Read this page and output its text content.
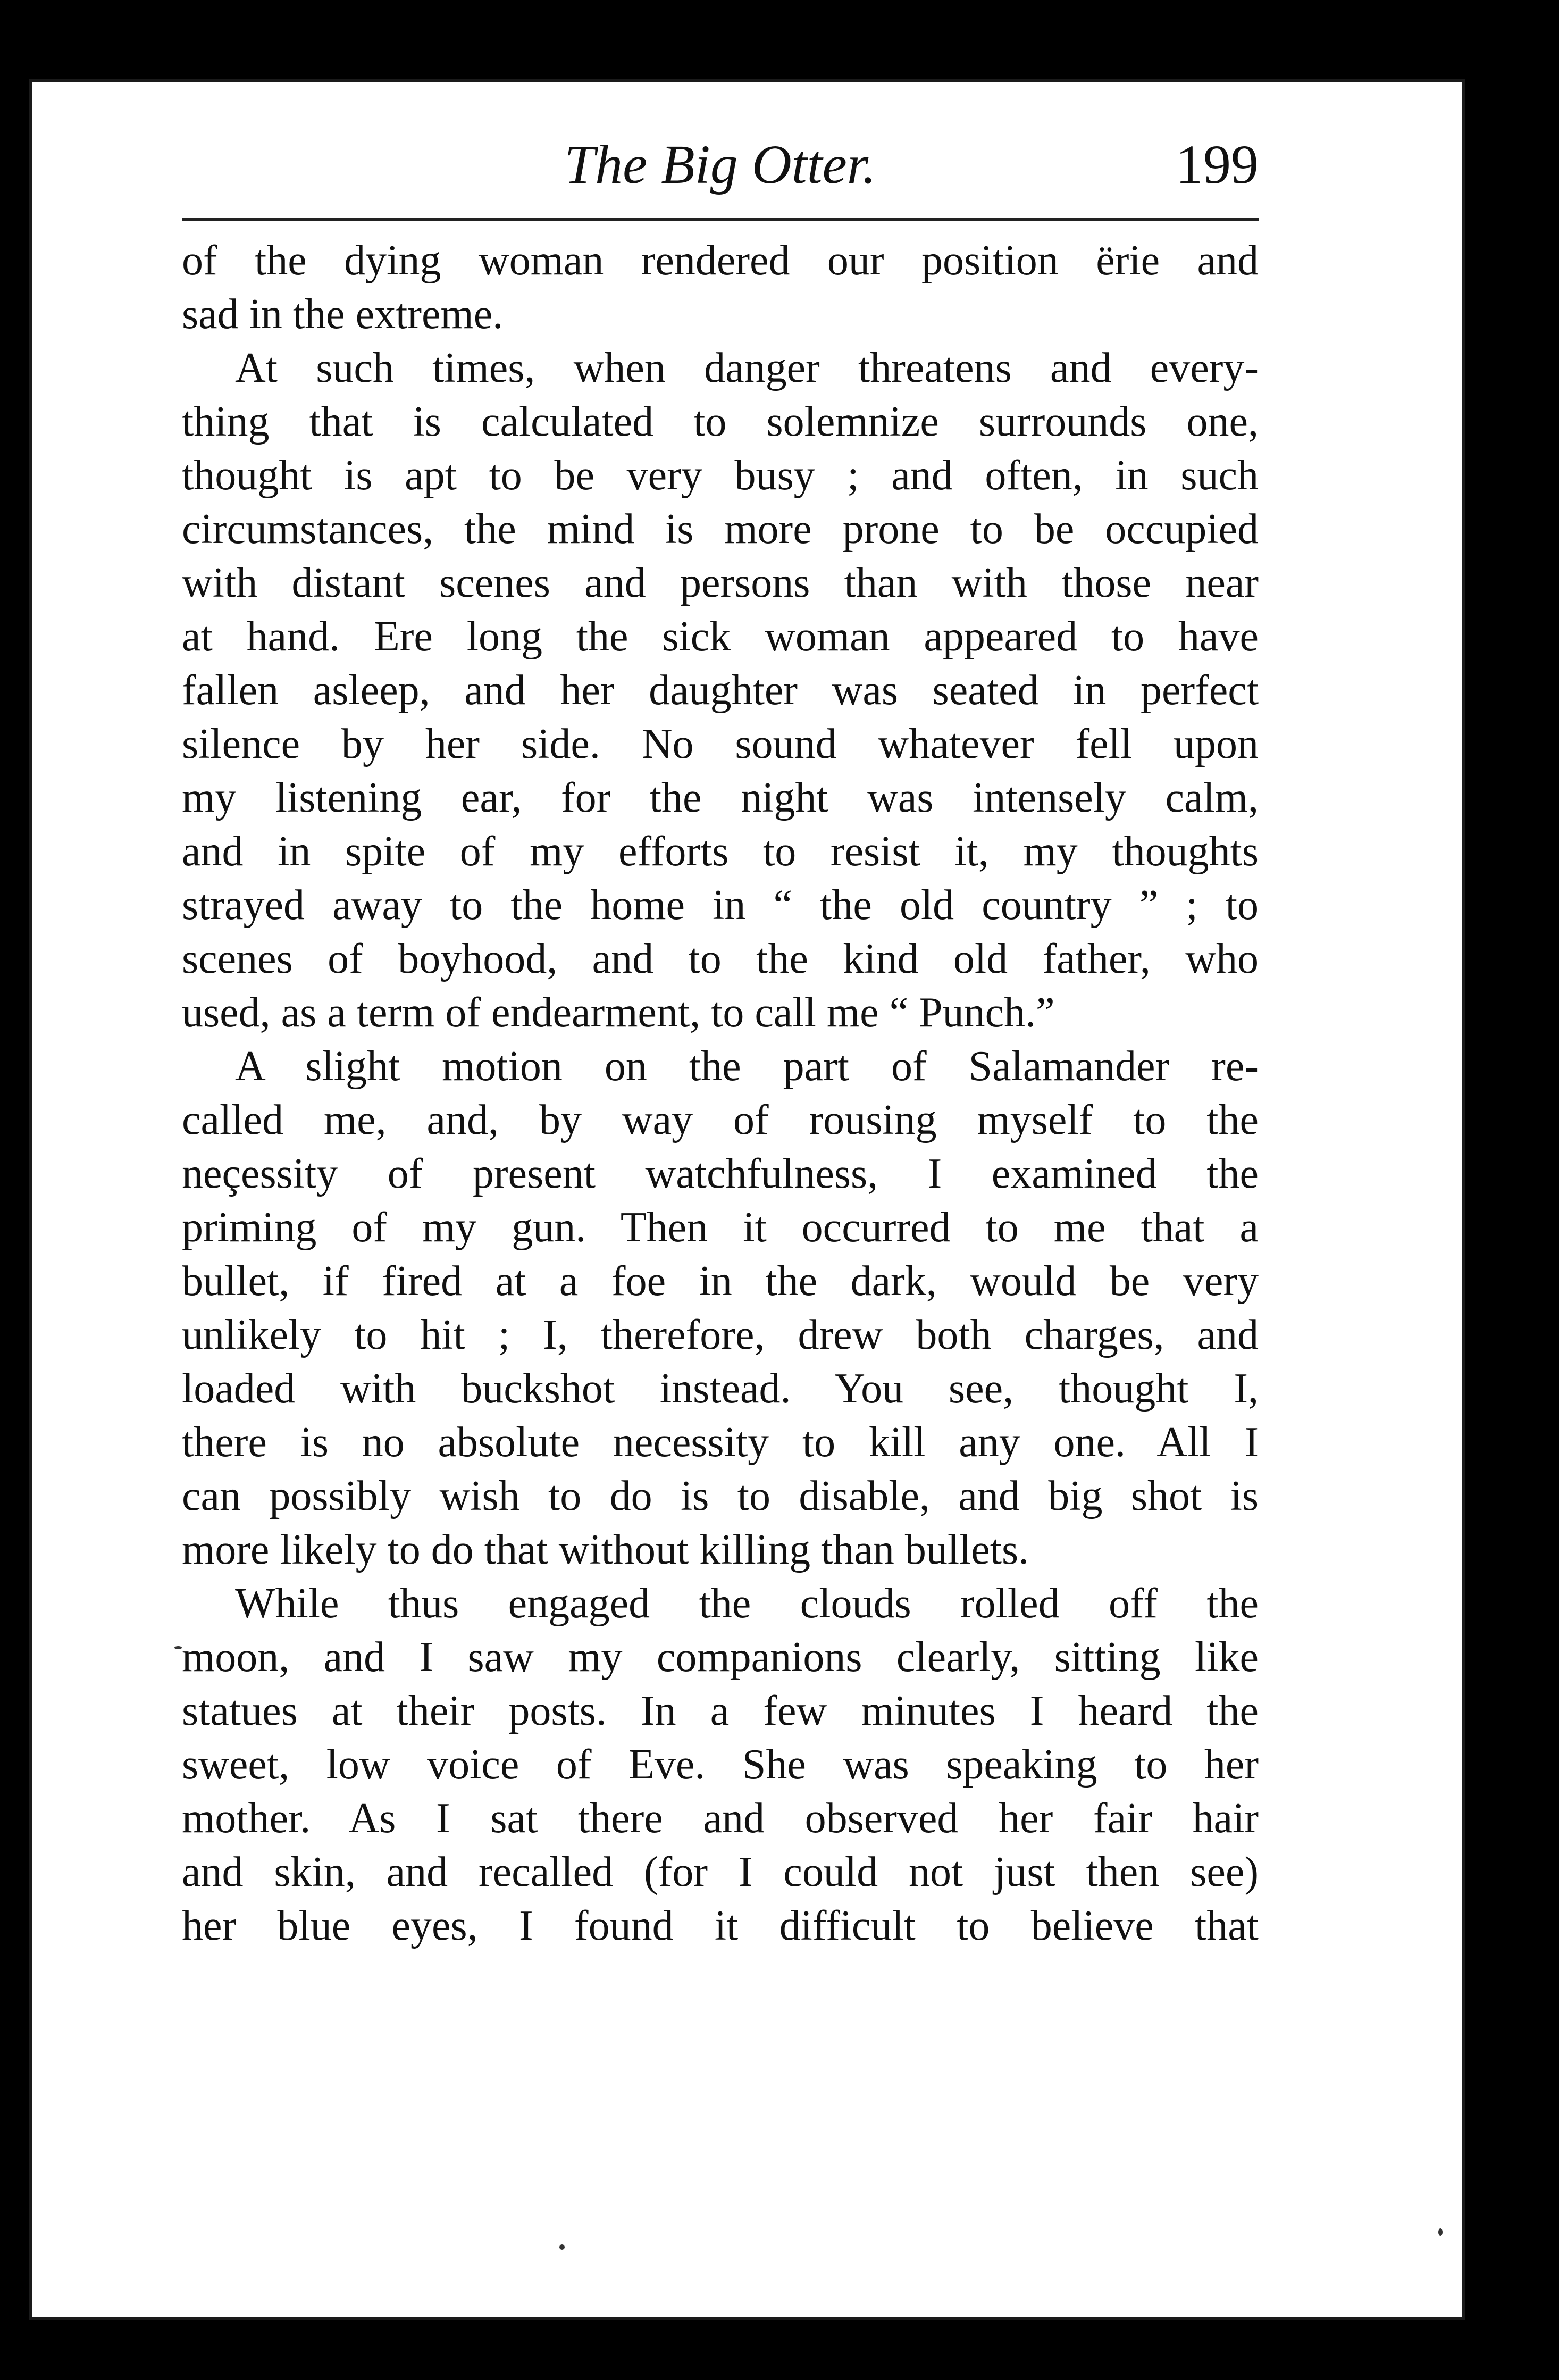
The Big Otter.	199
of the dying woman rendered our position ërie and
sad in the extreme.
At such times, when danger threatens and every-
thing that is calculated to solemnize surrounds one,
thought is apt to be very busy ; and often, in such
circumstances, the mind is more prone to be occupied
with distant scenes and persons than with those near
at hand. Ere long the sick woman appeared to have
fallen asleep, and her daughter was seated in perfect
silence by her side. No sound whatever fell upon
my listening ear, for the night was intensely calm,
and in spite of my efforts to resist it, my thoughts
strayed away to the home in “ the old country ” ; to
scenes of boyhood, and to the kind old father, who
used, as a term of endearment, to call me “ Punch.”
A slight motion on the part of Salamander re-
called me, and, by way of rousing myself to the
neçessity of present watchfulness, I examined the
priming of my gun. Then it occurred to me that a
bullet, if fired at a foe in the dark, would be very
unlikely to hit ; I, therefore, drew both charges, and
loaded with buckshot instead. You see, thought I,
there is no absolute necessity to kill any one. All I
can possibly wish to do is to disable, and big shot is
more likely to do that without killing than bullets.
While thus engaged the clouds rolled off the
moon, and I saw my companions clearly, sitting like
statues at their posts. In a few minutes I heard the
sweet, low voice of Eve. She was speaking to her
mother. As I sat there and observed her fair hair
and skin, and recalled (for I could not just then see)
her blue eyes, I found it difficult to believe that
